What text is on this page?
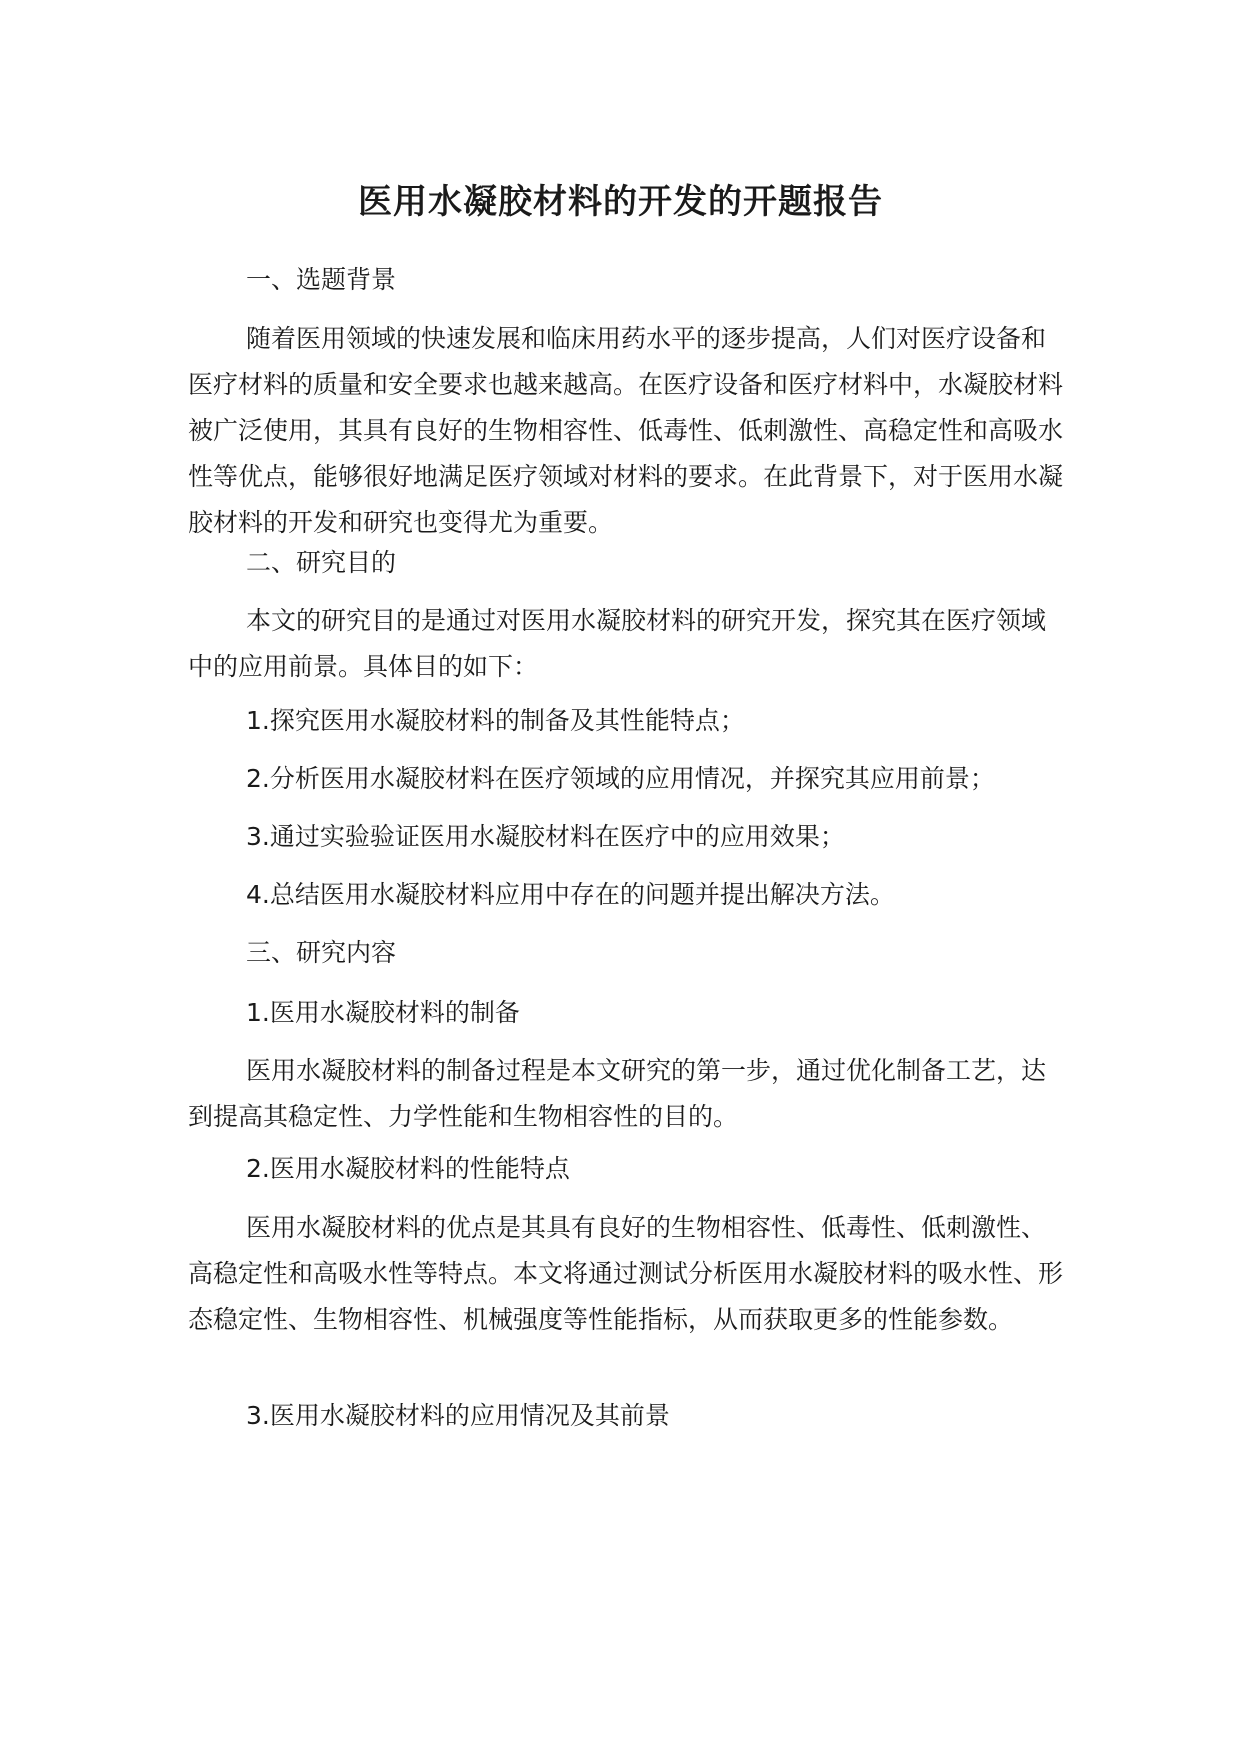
医用水凝胶材料的开发的开题报告

一、选题背景

随着医用领域的快速发展和临床用药水平的逐步提高，人们对医疗设备和医疗材料的质量和安全要求也越来越高。在医疗设备和医疗材料中，水凝胶材料被广泛使用，其具有良好的生物相容性、低毒性、低刺激性、高稳定性和高吸水性等优点，能够很好地满足医疗领域对材料的要求。在此背景下，对于医用水凝胶材料的开发和研究也变得尤为重要。

二、研究目的

本文的研究目的是通过对医用水凝胶材料的研究开发，探究其在医疗领域中的应用前景。具体目的如下：

1.探究医用水凝胶材料的制备及其性能特点；

2.分析医用水凝胶材料在医疗领域的应用情况，并探究其应用前景；

3.通过实验验证医用水凝胶材料在医疗中的应用效果；

4.总结医用水凝胶材料应用中存在的问题并提出解决方法。

三、研究内容

1.医用水凝胶材料的制备

医用水凝胶材料的制备过程是本文研究的第一步，通过优化制备工艺，达到提高其稳定性、力学性能和生物相容性的目的。

2.医用水凝胶材料的性能特点

医用水凝胶材料的优点是其具有良好的生物相容性、低毒性、低刺激性、高稳定性和高吸水性等特点。本文将通过测试分析医用水凝胶材料的吸水性、形态稳定性、生物相容性、机械强度等性能指标，从而获取更多的性能参数。

3.医用水凝胶材料的应用情况及其前景
